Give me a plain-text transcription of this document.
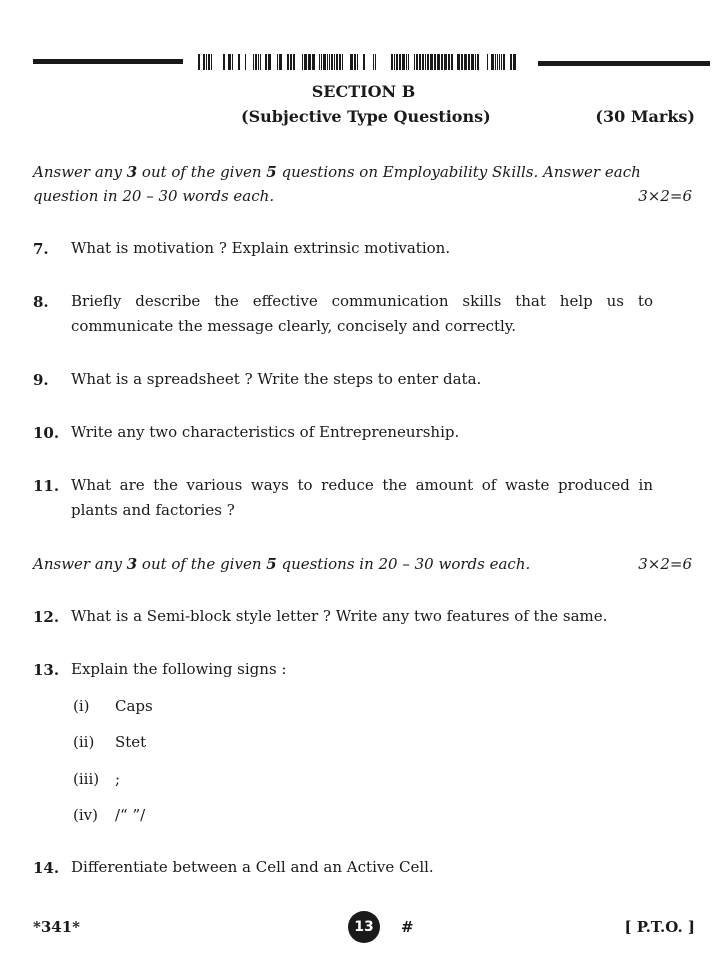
SECTION B
(Subjective Type Questions)	(30 Marks)
Answer any 3 out of the given 5 questions on Employability Skills. Answer each
question in 20 – 30 words each.	3×2=6
7. What is motivation ? Explain extrinsic motivation.
8. Briefly describe the effective communication skills that help us to communicate the message clearly, concisely and correctly.
9. What is a spreadsheet ? Write the steps to enter data.
10. Write any two characteristics of Entrepreneurship.
11. What are the various ways to reduce the amount of waste produced in plants and factories ?
Answer any 3 out of the given 5 questions in 20 – 30 words each.	3×2=6
12. What is a Semi-block style letter ? Write any two features of the same.
13. Explain the following signs :
(i) Caps
(ii) Stet
(iii) ;
(iv) /“ ”/
14. Differentiate between a Cell and an Active Cell.
*341*	13	#	[ P.T.O. ]
